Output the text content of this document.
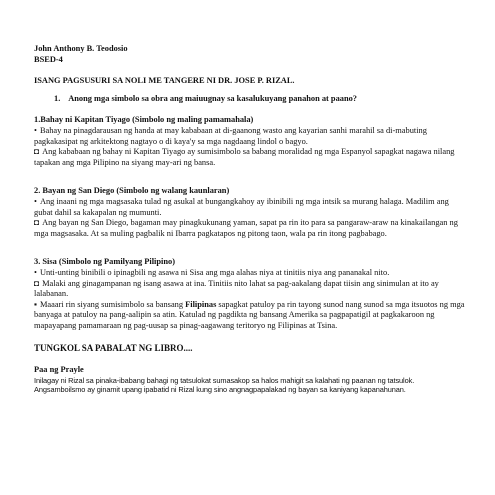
John Anthony B. Teodosio

BSED-4

ISANG PAGSUSURI SA NOLI ME TANGERE NI DR. JOSE P. RIZAL.

1. Anong mga simbolo sa obra ang maiuugnay sa kasalukuyang panahon at paano?

1.Bahay ni Kapitan Tiyago (Simbolo ng maling pamamahala)

• Bahay na pinagdarausan ng handa at may kababaan at di-gaanong wasto ang kayarian sanhi marahil sa di-mabuting pagkakasipat ng arkitektong nagtayo o di kaya'y sa mga nagdaang lindol o bagyo.

◘ Ang kababaan ng bahay ni Kapitan Tiyago ay sumisimbolo sa babang moralidad ng mga Espanyol sapagkat nagawa nilang tapakan ang mga Pilipino na siyang may-ari ng bansa.

2. Bayan ng San Diego (Simbolo ng walang kaunlaran)

• Ang inaani ng mga magsasaka tulad ng asukal at bungangkahoy ay ibinibili ng mga intsik sa murang halaga. Madilim ang gubat dahil sa kakapalan ng mumunti.

◘ Ang bayan ng San Diego, bagaman may pinagkukunang yaman, sapat pa rin ito para sa pangaraw-araw na kinakailangan ng mga magsasaka. At sa muling pagbalik ni Ibarra pagkatapos ng pitong taon, wala pa rin itong pagbabago.

3. Sisa (Simbolo ng Pamilyang Pilipino)

• Unti-unting binibili o ipinagbili ng asawa ni Sisa ang mga alahas niya at tinitiis niya ang pananakal nito.

◘ Malaki ang ginagampanan ng isang asawa at ina. Tinitiis nito lahat sa pag-aakalang dapat tiisin ang sinimulan at ito ay lalabanan.

▪ Maaari rin siyang sumisimbolo sa bansang Filipinas sapagkat patuloy pa rin tayong sunod nang sunod sa mga itsuotos ng mga banyaga at patuloy na pang-aalipin sa atin. Katulad ng pagdikta ng bansang Amerika sa pagpapatigil at pagkakaroon ng mapayapang pamamaraan ng pag-uusap sa pinag-aagawang teritoryo ng Filipinas at Tsina.

TUNGKOL SA PABALAT NG LIBRO....

Paa ng Prayle

Inilagay ni Rizal sa pinaka-ibabang bahagi ng tatsulokat sumasakop sa halos mahigit sa kalahati ng paanan ng tatsulok. Angsamboilsmo ay ginamit upang ipabatid ni Rizal kung sino angnagpapalakad ng bayan sa kaniyang kapanahunan.
